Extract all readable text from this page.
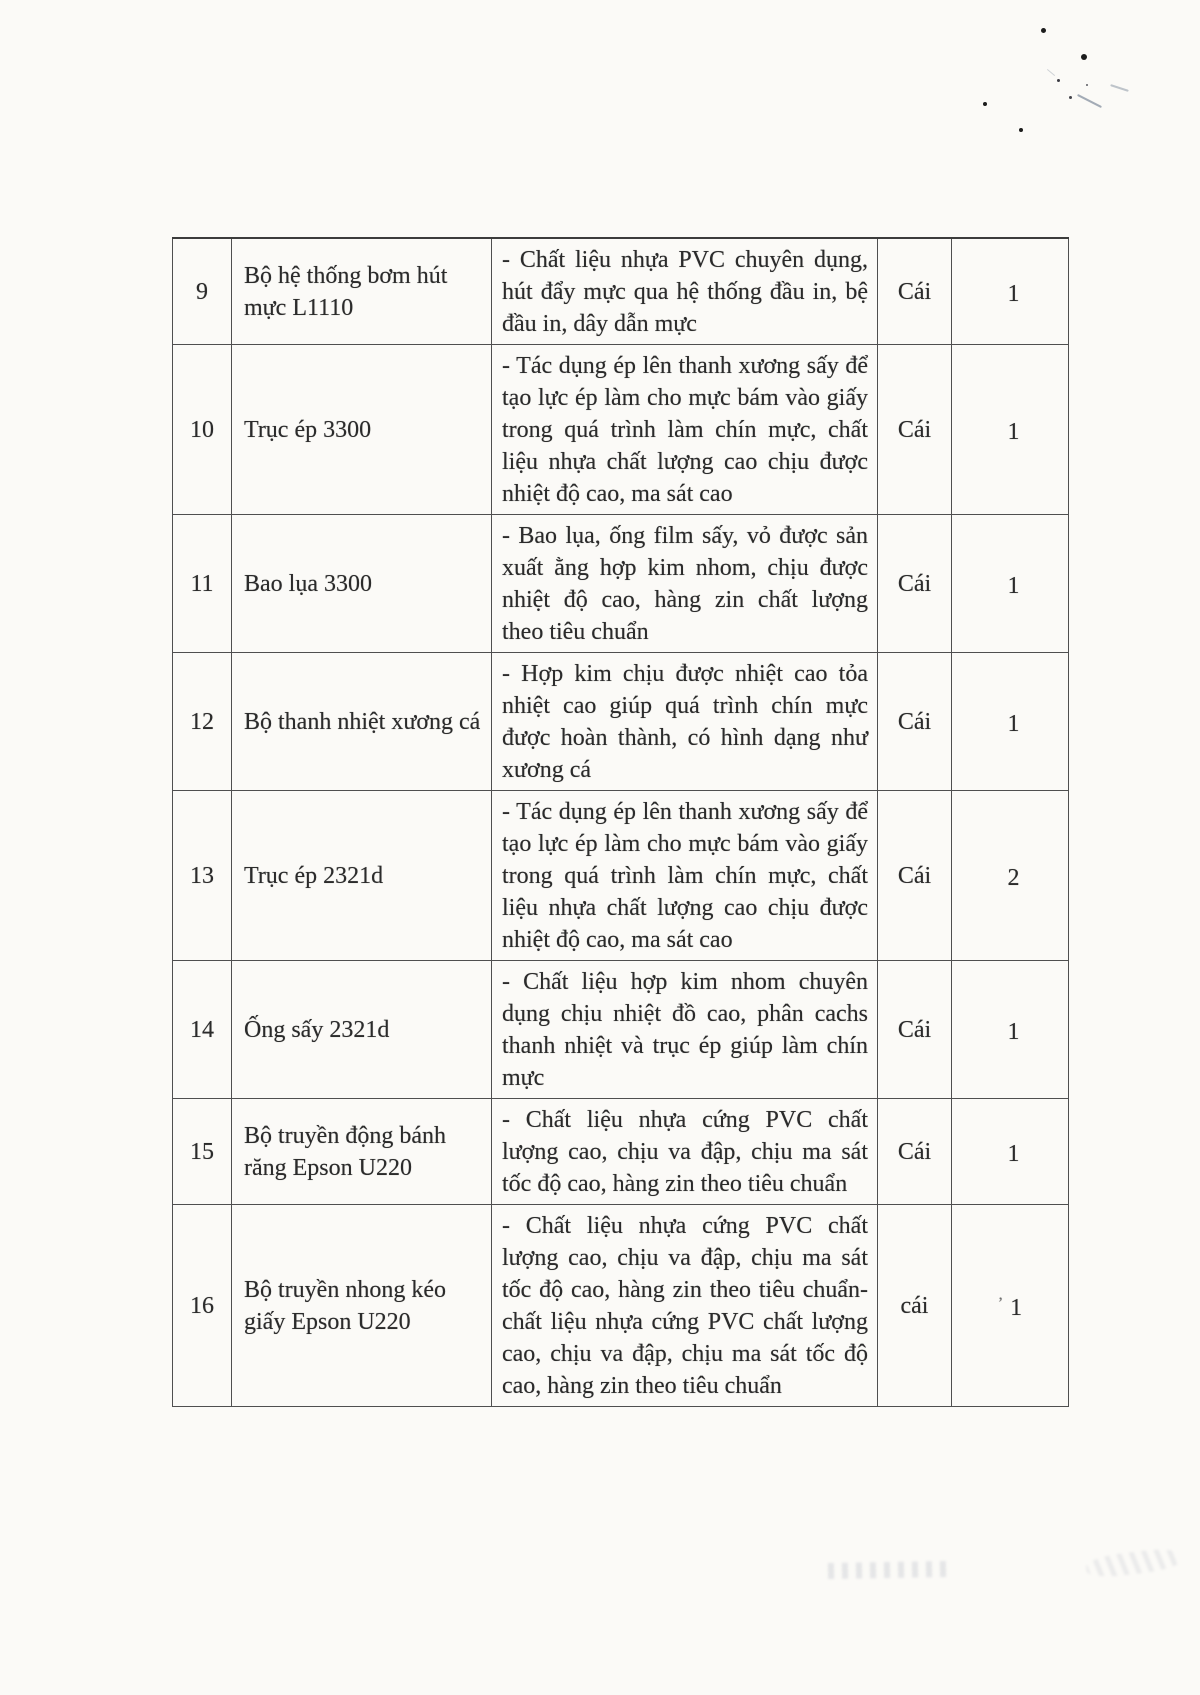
9	Bộ hệ thống bơm hút mực L1110	- Chất liệu nhựa PVC chuyên dụng, hút đẩy mực qua hệ thống đầu in, bệ đầu in, dây dẫn mực	Cái	1
10	Trục ép 3300	- Tác dụng ép lên thanh xương sấy để tạo lực ép làm cho mực bám vào giấy trong quá trình làm chín mực, chất liệu nhựa chất lượng cao chịu được nhiệt độ cao, ma sát cao	Cái	1
11	Bao lụa 3300	- Bao lụa, ống film sấy, vỏ được sản xuất ằng hợp kim nhom, chịu được nhiệt độ cao, hàng zin chất lượng theo tiêu chuẩn	Cái	1
12	Bộ thanh nhiệt xương cá	- Hợp kim chịu được nhiệt cao tỏa nhiệt cao giúp quá trình chín mực được hoàn thành, có hình dạng như xương cá	Cái	1
13	Trục ép 2321d	- Tác dụng ép lên thanh xương sấy để tạo lực ép làm cho mực bám vào giấy trong quá trình làm chín mực, chất liệu nhựa chất lượng cao chịu được nhiệt độ cao, ma sát cao	Cái	2
14	Ống sấy 2321d	- Chất liệu hợp kim nhom chuyên dụng chịu nhiệt đồ cao, phân cachs thanh nhiệt và trục ép giúp làm chín mực	Cái	1
15	Bộ truyền động bánh răng Epson U220	- Chất liệu nhựa cứng PVC chất lượng cao, chịu va đập, chịu ma sát tốc độ cao, hàng zin theo tiêu chuẩn	Cái	1
16	Bộ truyền nhong kéo giấy Epson U220	- Chất liệu nhựa cứng PVC chất lượng cao, chịu va đập, chịu ma sát tốc độ cao, hàng zin theo tiêu chuẩn- chất liệu nhựa cứng PVC chất lượng cao, chịu va đập, chịu ma sát tốc độ cao, hàng zin theo tiêu chuẩn	cái	$^ʼ$ 1
